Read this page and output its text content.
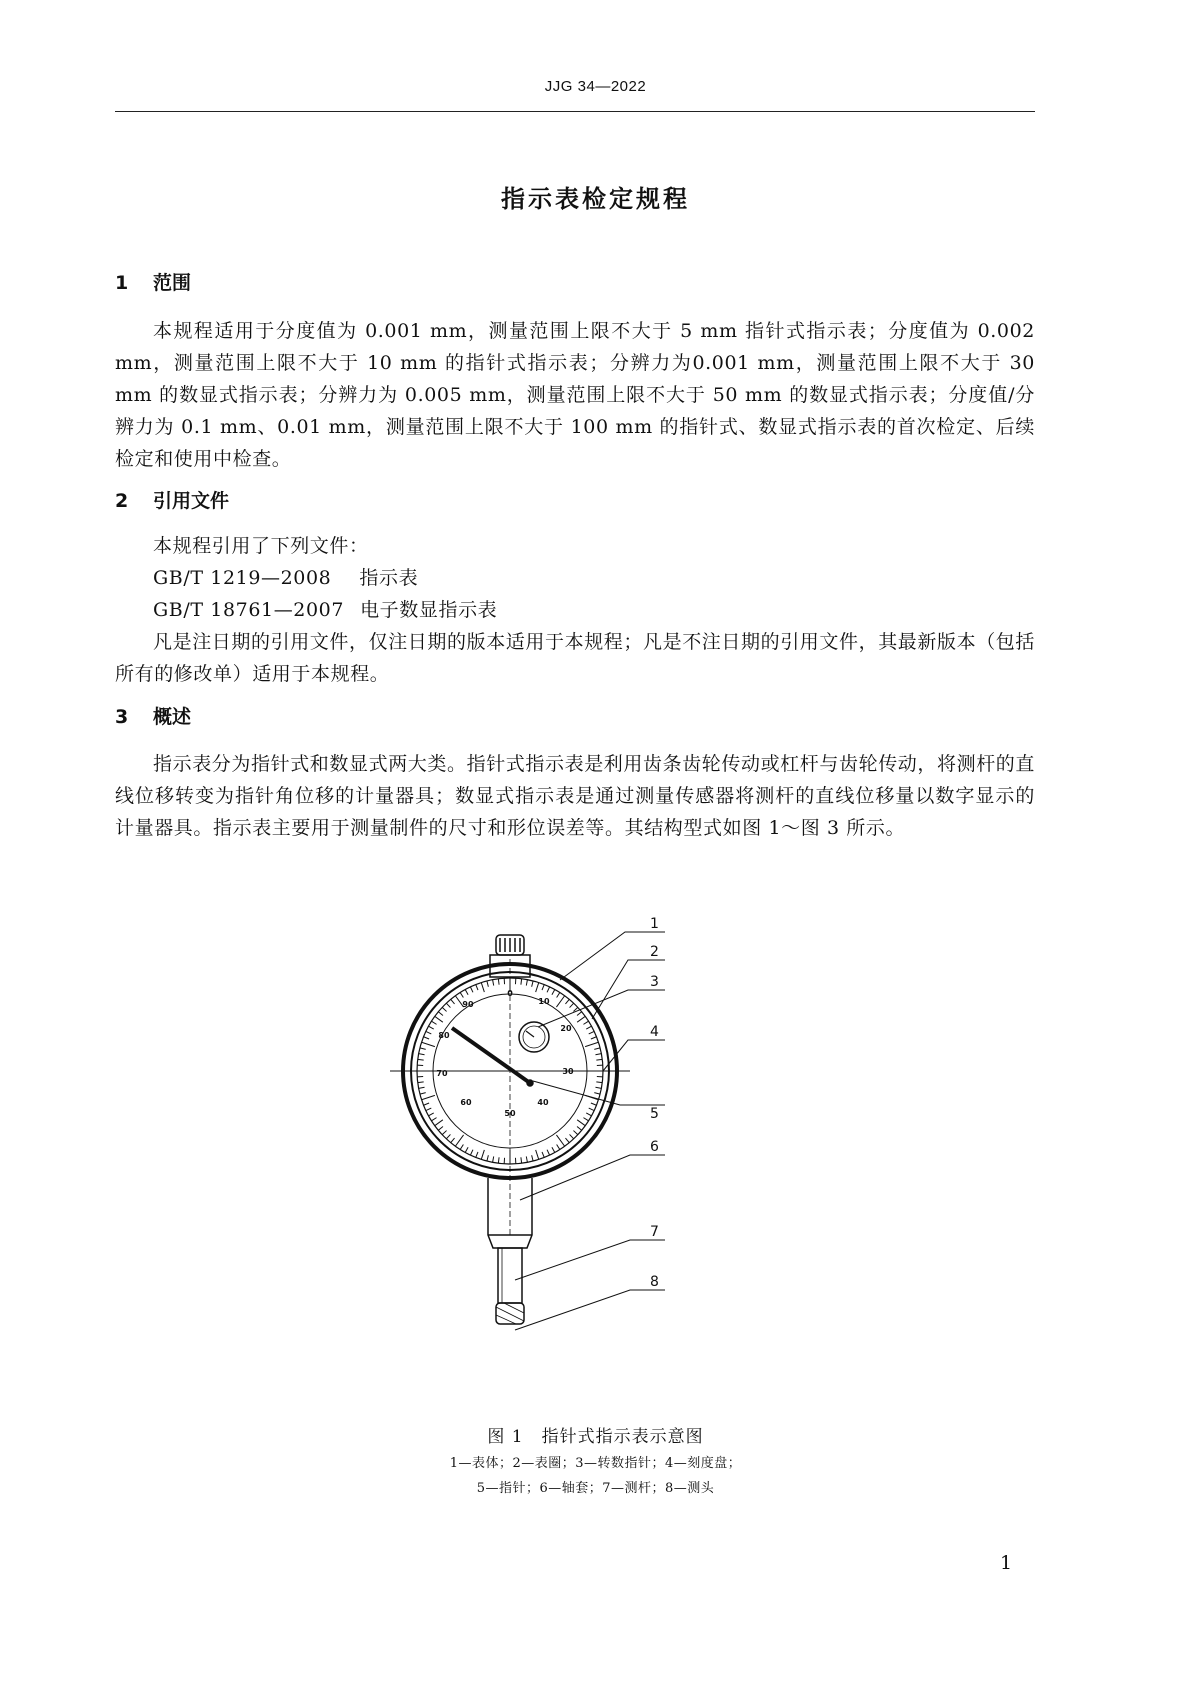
JJG 34—2022
指示表检定规程
1 范围

本规程适用于分度值为 0.001 mm，测量范围上限不大于 5 mm 指针式指示表；分度值为 0.002 mm，测量范围上限不大于 10 mm 的指针式指示表；分辨力为0.001 mm，测量范围上限不大于 30 mm 的数显式指示表；分辨力为 0.005 mm，测量范围上限不大于 50 mm 的数显式指示表；分度值/分辨力为 0.1 mm、0.01 mm，测量范围上限不大于 100 mm 的指针式、数显式指示表的首次检定、后续检定和使用中检查。

2 引用文件
本规程引用了下列文件：
GB/T 1219—2008 指示表
GB/T 18761—2007 电子数显指示表

凡是注日期的引用文件，仅注日期的版本适用于本规程；凡是不注日期的引用文件，其最新版本（包括所有的修改单）适用于本规程。

3 概述

指示表分为指针式和数显式两大类。指针式指示表是利用齿条齿轮传动或杠杆与齿轮传动，将测杆的直线位移转变为指针角位移的计量器具；数显式指示表是通过测量传感器将测杆的直线位移量以数字显示的计量器具。指示表主要用于测量制件的尺寸和形位误差等。其结构型式如图 1～图 3 所示。

0
10
20
30
40
50
60
70
80
90
1
2
3
4
5
6
7
8
图 1　指针式指示表示意图
1—表体；2—表圈；3—转数指针；4—刻度盘；
5—指针；6—轴套；7—测杆；8—测头
1
